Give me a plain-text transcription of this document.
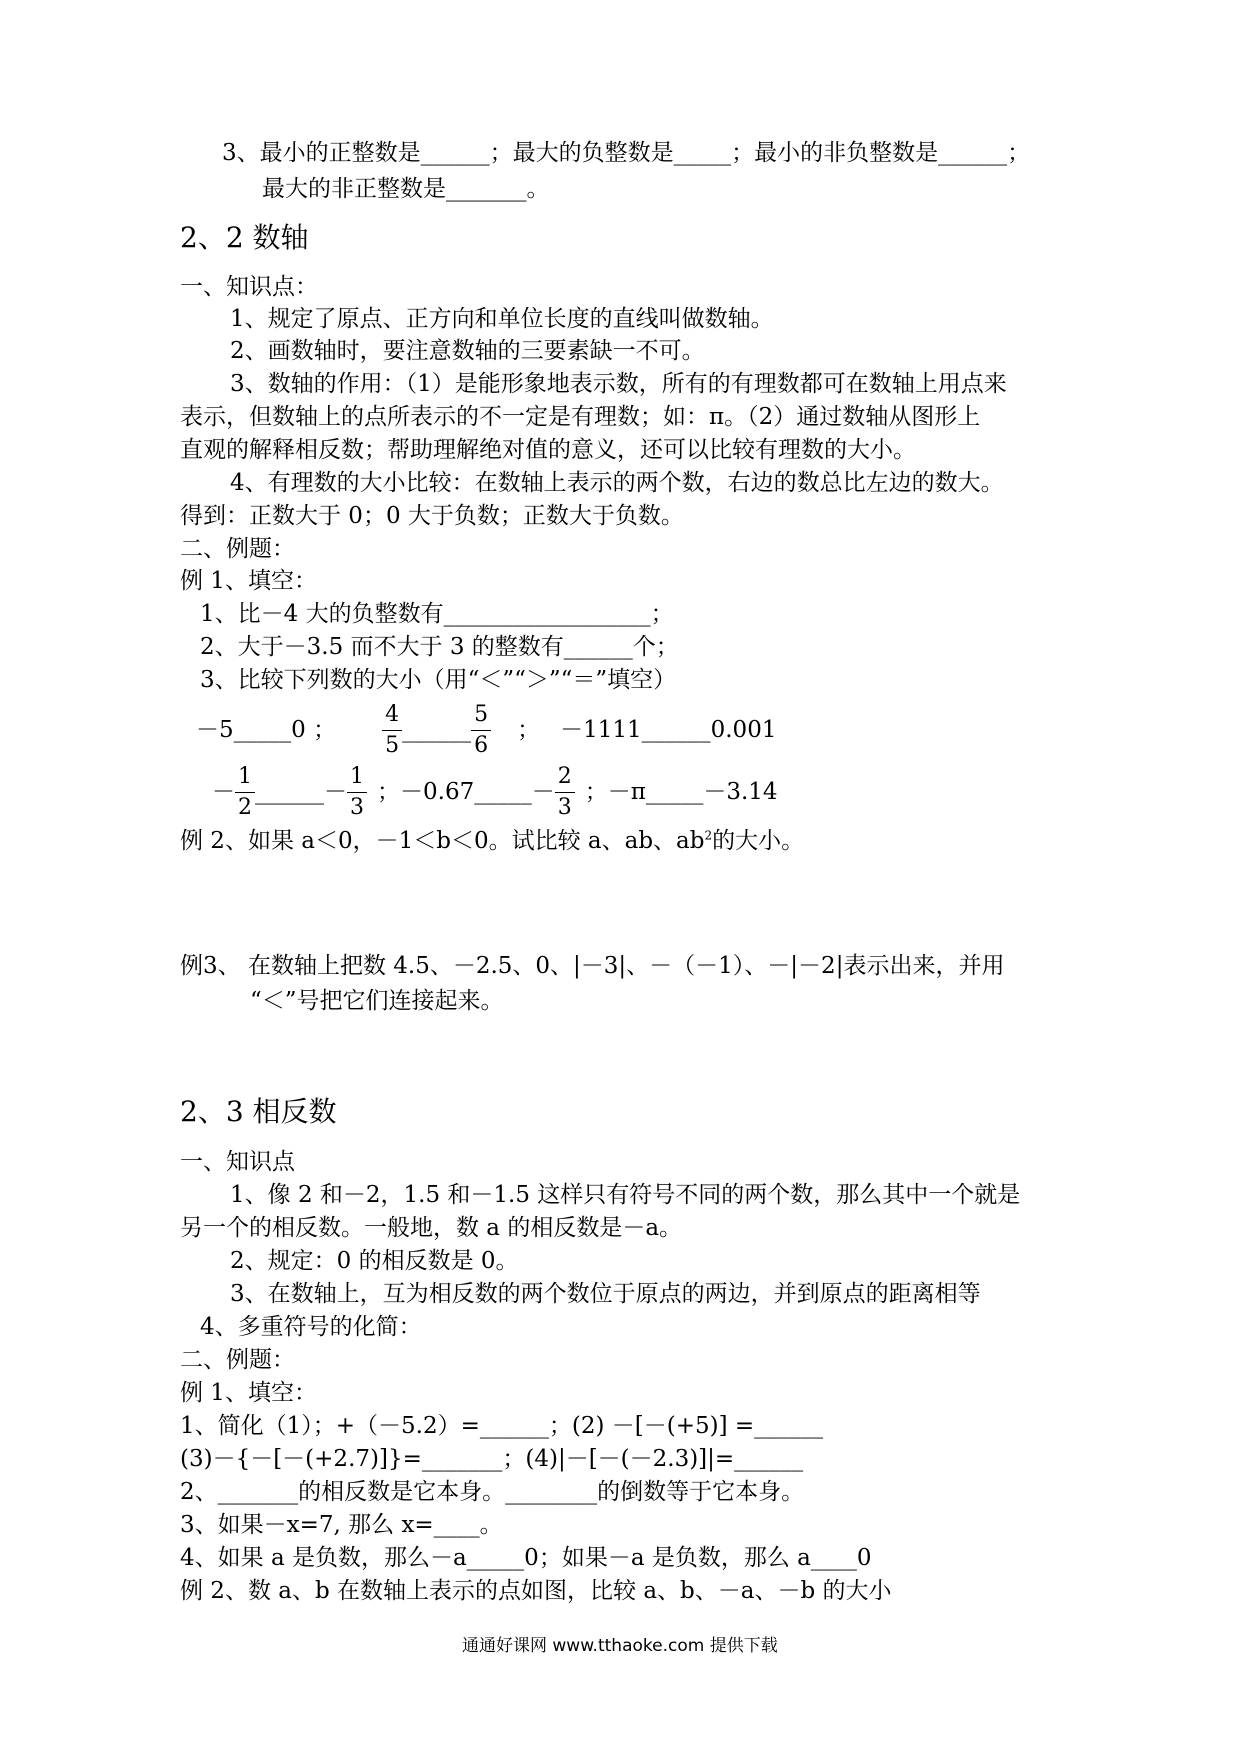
3、最小的正整数是______；最大的负整数是_____；最小的非负整数是______；
最大的非正整数是_______。
2、2 数轴
一、知识点：
1、规定了原点、正方向和单位长度的直线叫做数轴。
2、画数轴时，要注意数轴的三要素缺一不可。
3、数轴的作用：（1）是能形象地表示数，所有的有理数都可在数轴上用点来
表示，但数轴上的点所表示的不一定是有理数；如：π。（2）通过数轴从图形上
直观的解释相反数；帮助理解绝对值的意义，还可以比较有理数的大小。
4、有理数的大小比较：在数轴上表示的两个数，右边的数总比左边的数大。
得到：正数大于 0；0 大于负数；正数大于负数。
二、例题：
例 1、填空：
1、比－4 大的负整数有__________________；
2、大于－3.5 而不大于 3 的整数有______个；
3、比较下列数的大小（用“＜”“＞”“＝”填空）
－5_____0 ； $\frac{4}{5}$ ______ $\frac{5}{6}$ ； －1111______0.001
－ $\frac{1}{2}$ ______－ $\frac{1}{3}$ ；－0.67_____－ $\frac{2}{3}$ ；－π_____－3.14
例 2、如果 a＜0，－1＜b＜0。试比较 a、ab、$ab^2$的大小。
例3、 在数轴上把数 4.5、－2.5、0、|－3|、－（－1）、－|－2|表示出来，并用
“＜”号把它们连接起来。
2、3 相反数
一、知识点
1、像 2 和－2，1.5 和－1.5 这样只有符号不同的两个数，那么其中一个就是
另一个的相反数。一般地，数 a 的相反数是－a。
2、规定：0 的相反数是 0。
3、在数轴上，互为相反数的两个数位于原点的两边，并到原点的距离相等
4、多重符号的化简：
二、例题：
例 1、填空：
1、简化（1）；+（－5.2）=______；(2) －[－(+5)] =______
(3)－{－[－(+2.7)]}=_______；(4)|－[－(－2.3)]|=______
2、_______的相反数是它本身。________的倒数等于它本身。
3、如果－x=7, 那么 x=____。
4、如果 a 是负数，那么－a_____0；如果－a 是负数，那么 a____0
例 2、数 a、b 在数轴上表示的点如图，比较 a、b、－a、－b 的大小
通通好课网 www.tthaoke.com 提供下载
